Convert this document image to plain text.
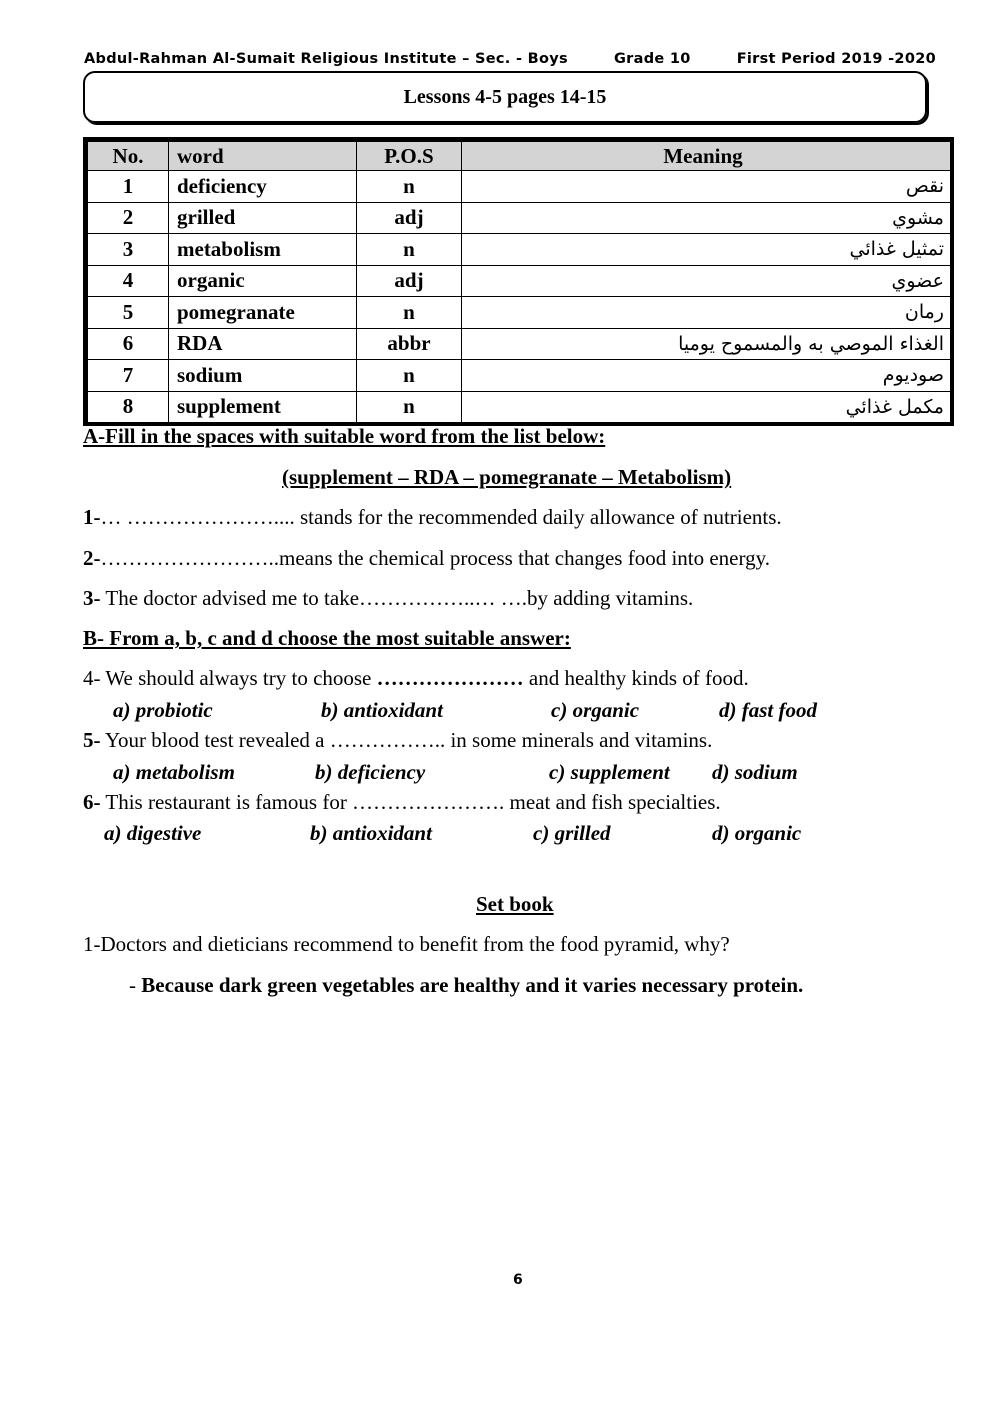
Abdul-Rahman Al-Sumait Religious Institute – Sec. - Boys	Grade 10	First Period 2019 -2020
Lessons 4-5 pages 14-15
No.	word	P.O.S	Meaning
1	deficiency	n	نقص
2	grilled	adj	مشوي
3	metabolism	n	تمثيل غذائي
4	organic	adj	عضوي
5	pomegranate	n	رمان
6	RDA	abbr	الغذاء الموصي به والمسموح يوميا
7	sodium	n	صوديوم
8	supplement	n	مكمل غذائي
A-Fill in the spaces with suitable word from the list below:
(supplement – RDA – pomegranate – Metabolism)
1-… ………………….... stands for the recommended daily allowance of nutrients.
2-……………………..means the chemical process that changes food into energy.
3- The doctor advised me to take……………..… ….by adding vitamins.
B- From a, b, c and d choose the most suitable answer:
4- We should always try to choose ………………… and healthy kinds of food.
a) probiotic	b) antioxidant	c) organic	d) fast food
5- Your blood test revealed a …………….. in some minerals and vitamins.
a) metabolism	b) deficiency	c) supplement d) sodium
6- This restaurant is famous for …………………. meat and fish specialties.
a) digestive	b) antioxidant	c) grilled	d) organic
Set book
1-Doctors and dieticians recommend to benefit from the food pyramid, why?
- Because dark green vegetables are healthy and it varies necessary protein.
6
